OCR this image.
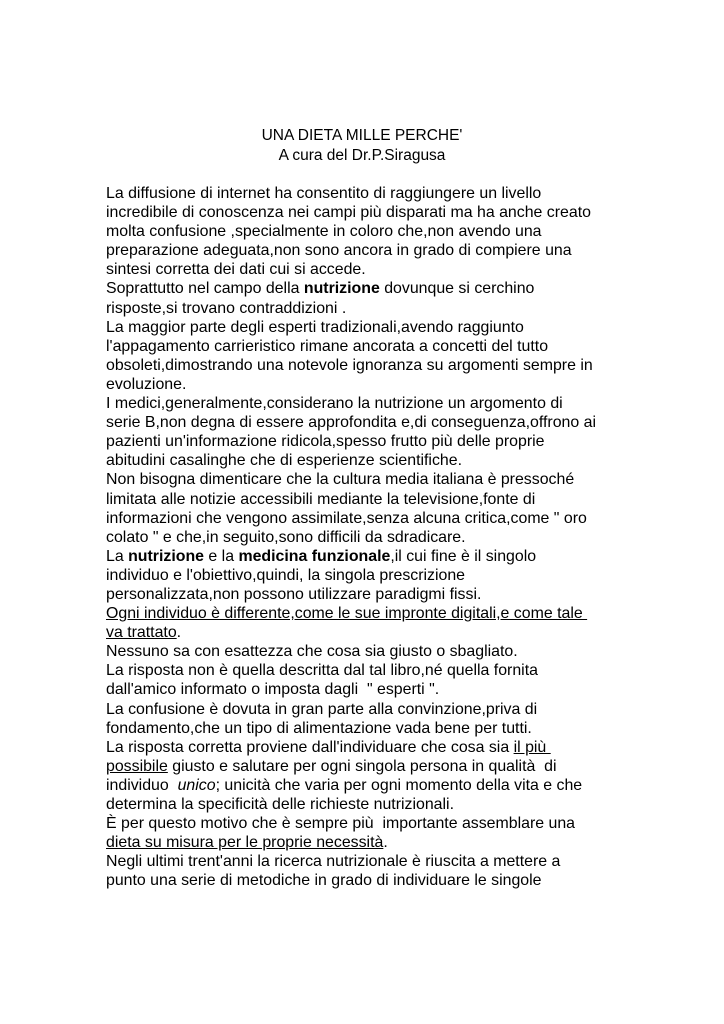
UNA DIETA MILLE PERCHE'
A cura del Dr.P.Siragusa
La diffusione di internet ha consentito di raggiungere un livello
incredibile di conoscenza nei campi più disparati ma ha anche creato
molta confusione ,specialmente in coloro che,non avendo una
preparazione adeguata,non sono ancora in grado di compiere una
sintesi corretta dei dati cui si accede.
Soprattutto nel campo della nutrizione dovunque si cerchino
risposte,si trovano contraddizioni .
La maggior parte degli esperti tradizionali,avendo raggiunto
l'appagamento carrieristico rimane ancorata a concetti del tutto
obsoleti,dimostrando una notevole ignoranza su argomenti sempre in
evoluzione.
I medici,generalmente,considerano la nutrizione un argomento di
serie B,non degna di essere approfondita e,di conseguenza,offrono ai
pazienti un'informazione ridicola,spesso frutto più delle proprie
abitudini casalinghe che di esperienze scientifiche.
Non bisogna dimenticare che la cultura media italiana è pressoché
limitata alle notizie accessibili mediante la televisione,fonte di
informazioni che vengono assimilate,senza alcuna critica,come " oro
colato " e che,in seguito,sono difficili da sdradicare.
La nutrizione e la medicina funzionale,il cui fine è il singolo
individuo e l'obiettivo,quindi, la singola prescrizione
personalizzata,non possono utilizzare paradigmi fissi.
Ogni individuo è differente,come le sue impronte digitali,e come tale
va trattato.
Nessuno sa con esattezza che cosa sia giusto o sbagliato.
La risposta non è quella descritta dal tal libro,né quella fornita
dall'amico informato o imposta dagli  " esperti ".
La confusione è dovuta in gran parte alla convinzione,priva di
fondamento,che un tipo di alimentazione vada bene per tutti.
La risposta corretta proviene dall'individuare che cosa sia il più
possibile giusto e salutare per ogni singola persona in qualità  di
individuo  unico; unicità che varia per ogni momento della vita e che
determina la specificità delle richieste nutrizionali.
È per questo motivo che è sempre più  importante assemblare una
dieta su misura per le proprie necessità.
Negli ultimi trent'anni la ricerca nutrizionale è riuscita a mettere a
punto una serie di metodiche in grado di individuare le singole
